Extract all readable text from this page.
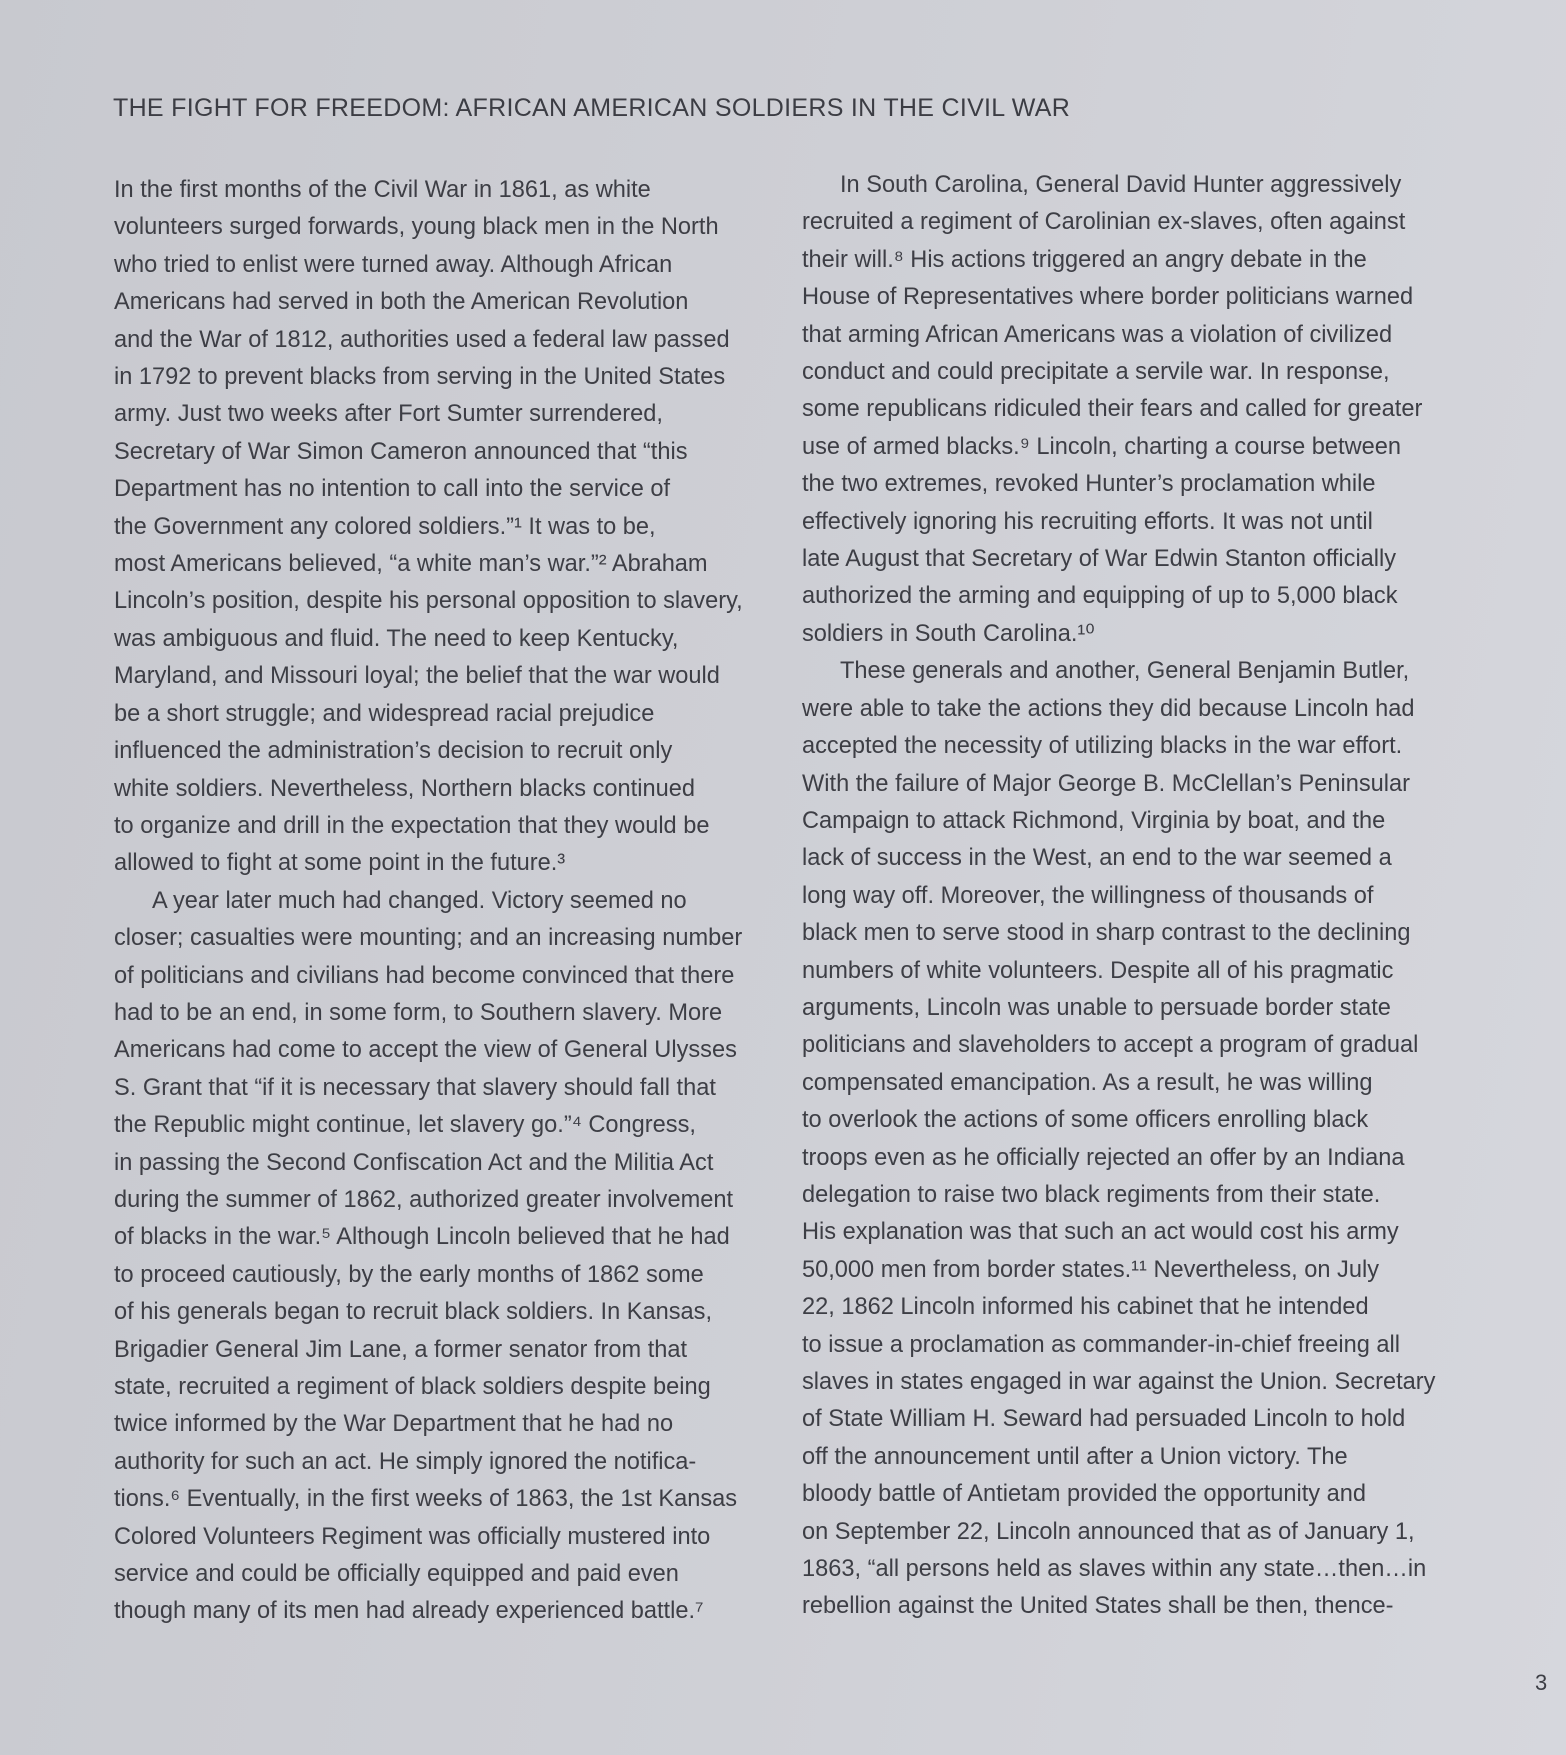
THE FIGHT FOR FREEDOM: AFRICAN AMERICAN SOLDIERS IN THE CIVIL WAR
In the first months of the Civil War in 1861, as white
volunteers surged forwards, young black men in the North
who tried to enlist were turned away. Although African
Americans had served in both the American Revolution
and the War of 1812, authorities used a federal law passed
in 1792 to prevent blacks from serving in the United States
army. Just two weeks after Fort Sumter surrendered,
Secretary of War Simon Cameron announced that “this
Department has no intention to call into the service of
the Government any colored soldiers.”¹ It was to be,
most Americans believed, “a white man’s war.”² Abraham
Lincoln’s position, despite his personal opposition to slavery,
was ambiguous and fluid. The need to keep Kentucky,
Maryland, and Missouri loyal; the belief that the war would
be a short struggle; and widespread racial prejudice
influenced the administration’s decision to recruit only
white soldiers. Nevertheless, Northern blacks continued
to organize and drill in the expectation that they would be
allowed to fight at some point in the future.³
A year later much had changed. Victory seemed no
closer; casualties were mounting; and an increasing number
of politicians and civilians had become convinced that there
had to be an end, in some form, to Southern slavery. More
Americans had come to accept the view of General Ulysses
S. Grant that “if it is necessary that slavery should fall that
the Republic might continue, let slavery go.”⁴ Congress,
in passing the Second Confiscation Act and the Militia Act
during the summer of 1862, authorized greater involvement
of blacks in the war.⁵ Although Lincoln believed that he had
to proceed cautiously, by the early months of 1862 some
of his generals began to recruit black soldiers. In Kansas,
Brigadier General Jim Lane, a former senator from that
state, recruited a regiment of black soldiers despite being
twice informed by the War Department that he had no
authority for such an act. He simply ignored the notifica-
tions.⁶ Eventually, in the first weeks of 1863, the 1st Kansas
Colored Volunteers Regiment was officially mustered into
service and could be officially equipped and paid even
though many of its men had already experienced battle.⁷
In South Carolina, General David Hunter aggressively
recruited a regiment of Carolinian ex-slaves, often against
their will.⁸ His actions triggered an angry debate in the
House of Representatives where border politicians warned
that arming African Americans was a violation of civilized
conduct and could precipitate a servile war. In response,
some republicans ridiculed their fears and called for greater
use of armed blacks.⁹ Lincoln, charting a course between
the two extremes, revoked Hunter’s proclamation while
effectively ignoring his recruiting efforts. It was not until
late August that Secretary of War Edwin Stanton officially
authorized the arming and equipping of up to 5,000 black
soldiers in South Carolina.¹⁰
These generals and another, General Benjamin Butler,
were able to take the actions they did because Lincoln had
accepted the necessity of utilizing blacks in the war effort.
With the failure of Major George B. McClellan’s Peninsular
Campaign to attack Richmond, Virginia by boat, and the
lack of success in the West, an end to the war seemed a
long way off. Moreover, the willingness of thousands of
black men to serve stood in sharp contrast to the declining
numbers of white volunteers. Despite all of his pragmatic
arguments, Lincoln was unable to persuade border state
politicians and slaveholders to accept a program of gradual
compensated emancipation. As a result, he was willing
to overlook the actions of some officers enrolling black
troops even as he officially rejected an offer by an Indiana
delegation to raise two black regiments from their state.
His explanation was that such an act would cost his army
50,000 men from border states.¹¹ Nevertheless, on July
22, 1862 Lincoln informed his cabinet that he intended
to issue a proclamation as commander-in-chief freeing all
slaves in states engaged in war against the Union. Secretary
of State William H. Seward had persuaded Lincoln to hold
off the announcement until after a Union victory. The
bloody battle of Antietam provided the opportunity and
on September 22, Lincoln announced that as of January 1,
1863, “all persons held as slaves within any state…then…in
rebellion against the United States shall be then, thence-
3
